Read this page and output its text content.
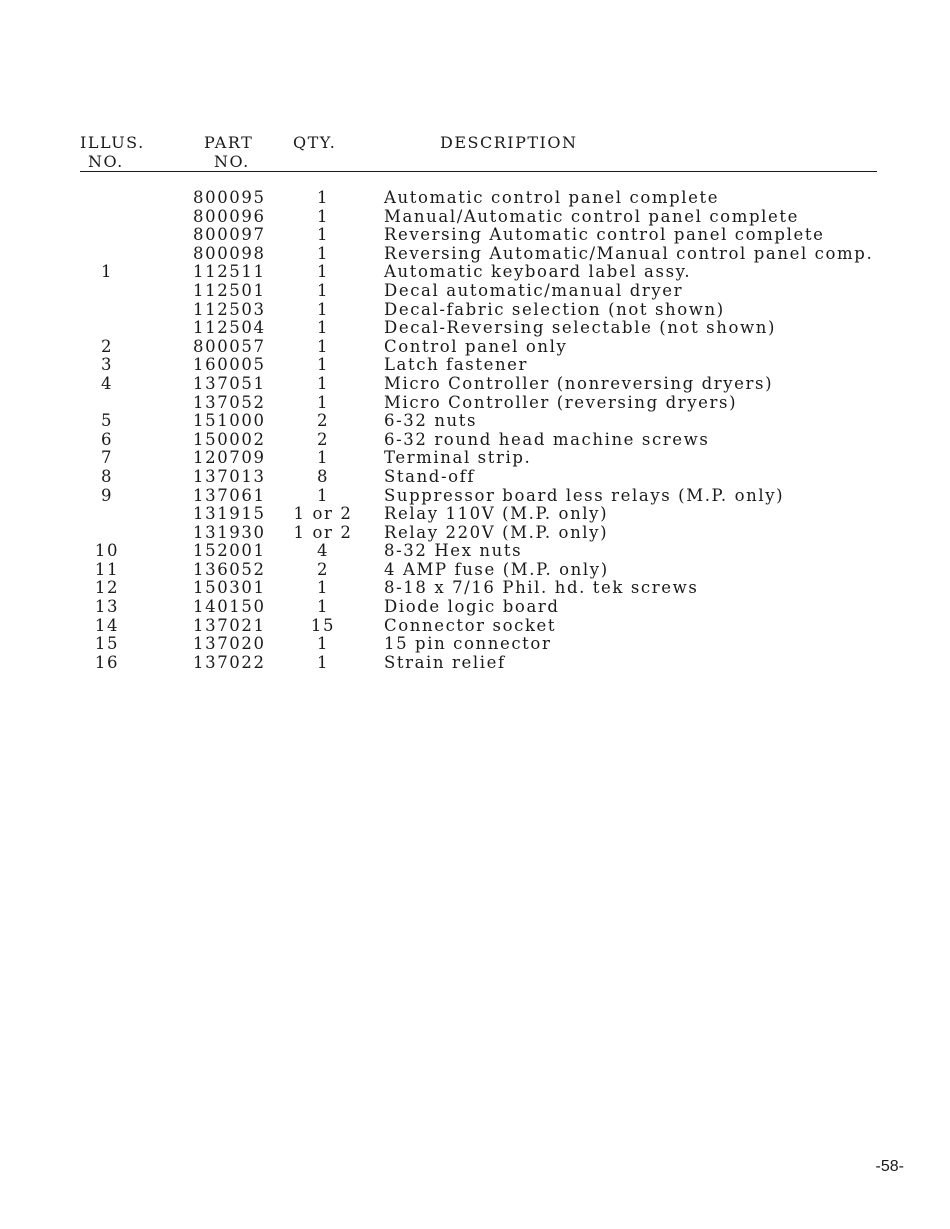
ILLUS.
NO.
PART
NO.
QTY.	DESCRIPTION
800095	1	Automatic control panel complete
800096	1	Manual/Automatic control panel complete
800097	1	Reversing Automatic control panel complete
800098	1	Reversing Automatic/Manual control panel comp.
1	112511	1	Automatic keyboard label assy.
112501	1	Decal automatic/manual dryer
112503	1	Decal-fabric selection (not shown)
112504	1	Decal-Reversing selectable (not shown)
2	800057	1	Control panel only
3	160005	1	Latch fastener
4	137051	1	Micro Controller (nonreversing dryers)
137052	1	Micro Controller (reversing dryers)
5	151000	2	6-32 nuts
6	150002	2	6-32 round head machine screws
7	120709	1	Terminal strip.
8	137013	8	Stand-off
9	137061	1	Suppressor board less relays (M.P. only)
131915	1 or 2	Relay 110V (M.P. only)
131930	1 or 2	Relay 220V (M.P. only)
10	152001	4	8-32 Hex nuts
11	136052	2	4 AMP fuse (M.P. only)
12	150301	1	8-18 x 7/16 Phil. hd. tek screws
13	140150	1	Diode logic board
14	137021	15	Connector socket
15	137020	1	15 pin connector
16	137022	1	Strain relief
-58-
